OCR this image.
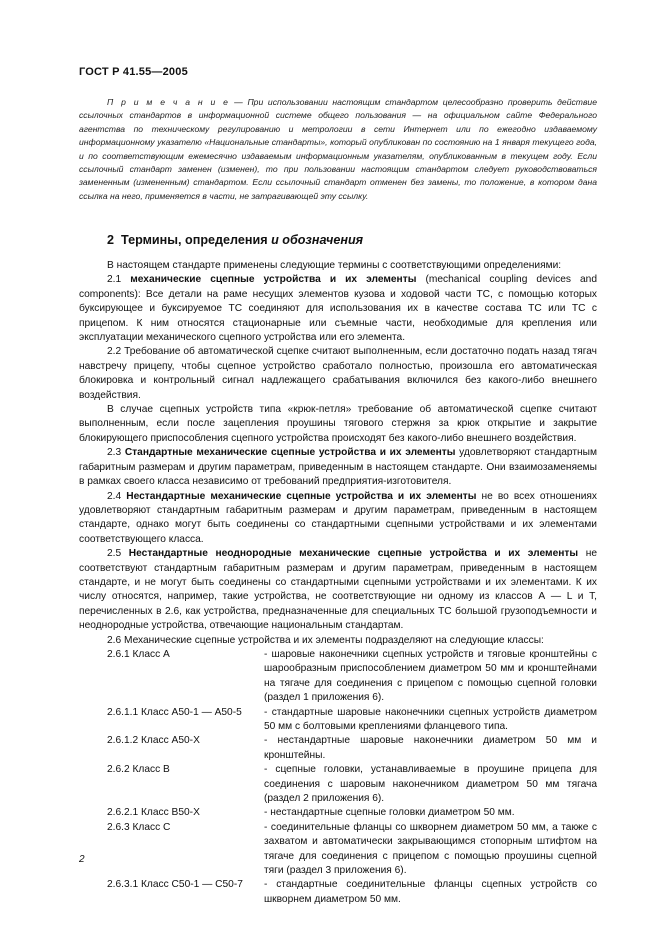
ГОСТ Р 41.55—2005
П р и м е ч а н и е — При использовании настоящим стандартом целесообразно проверить действие ссылочных стандартов в информационной системе общего пользования — на официальном сайте Федерального агентства по техническому регулированию и метрологии в сети Интернет или по ежегодно издаваемому информационному указателю «Национальные стандарты», который опубликован по состоянию на 1 января текущего года, и по соответствующим ежемесячно издаваемым информационным указателям, опубликованным в текущем году. Если ссылочный стандарт заменен (изменен), то при пользовании настоящим стандартом следует руководствоваться замененным (измененным) стандартом. Если ссылочный стандарт отменен без замены, то положение, в котором дана ссылка на него, применяется в части, не затрагивающей эту ссылку.
2 Термины, определения и обозначения

В настоящем стандарте применены следующие термины с соответствующими определениями:

2.1 механические сцепные устройства и их элементы (mechanical coupling devices and components): Все детали на раме несущих элементов кузова и ходовой части ТС, с помощью которых буксирующее и буксируемое ТС соединяют для использования их в качестве состава ТС или ТС с прицепом. К ним относятся стационарные или съемные части, необходимые для крепления или эксплуатации механического сцепного устройства или его элемента.

2.2 Требование об автоматической сцепке считают выполненным, если достаточно подать назад тягач навстречу прицепу, чтобы сцепное устройство сработало полностью, произошла его автоматическая блокировка и контрольный сигнал надлежащего срабатывания включился без какого-либо внешнего воздействия.

В случае сцепных устройств типа «крюк-петля» требование об автоматической сцепке считают выполненным, если после зацепления проушины тягового стержня за крюк открытие и закрытие блокирующего приспособления сцепного устройства происходят без какого-либо внешнего воздействия.

2.3 Стандартные механические сцепные устройства и их элементы удовлетворяют стандартным габаритным размерам и другим параметрам, приведенным в настоящем стандарте. Они взаимозаменяемы в рамках своего класса независимо от требований предприятия-изготовителя.

2.4 Нестандартные механические сцепные устройства и их элементы не во всех отношениях удовлетворяют стандартным габаритным размерам и другим параметрам, приведенным в настоящем стандарте, однако могут быть соединены со стандартными сцепными устройствами и их элементами соответствующего класса.

2.5 Нестандартные неоднородные механические сцепные устройства и их элементы не соответствуют стандартным габаритным размерам и другим параметрам, приведенным в настоящем стандарте, и не могут быть соединены со стандартными сцепными устройствами и их элементами. К их числу относятся, например, такие устройства, не соответствующие ни одному из классов А — L и Т, перечисленных в 2.6, как устройства, предназначенные для специальных ТС большой грузоподъемности и неоднородные устройства, отвечающие национальным стандартам.

2.6 Механические сцепные устройства и их элементы подразделяют на следующие классы:

2.6.1 Класс А	- шаровые наконечники сцепных устройств и тяговые кронштейны с шарообразным приспособлением диаметром 50 мм и кронштейнами на тягаче для соединения с прицепом с помощью сцепной головки (раздел 1 приложения 6).
2.6.1.1 Класс А50-1 — А50-5	- стандартные шаровые наконечники сцепных устройств диаметром 50 мм с болтовыми креплениями фланцевого типа.
2.6.1.2 Класс А50-Х	- нестандартные шаровые наконечники диаметром 50 мм и кронштейны.
2.6.2 Класс В	- сцепные головки, устанавливаемые в проушине прицепа для соединения с шаровым наконечником диаметром 50 мм тягача (раздел 2 приложения 6).
2.6.2.1 Класс В50-Х	- нестандартные сцепные головки диаметром 50 мм.
2.6.3 Класс С	- соединительные фланцы со шкворнем диаметром 50 мм, а также с захватом и автоматически закрывающимся стопорным штифтом на тягаче для соединения с прицепом с помощью проушины сцепной тяги (раздел 3 приложения 6).
2.6.3.1 Класс С50-1 — С50-7	- стандартные соединительные фланцы сцепных устройств со шкворнем диаметром 50 мм.
2
